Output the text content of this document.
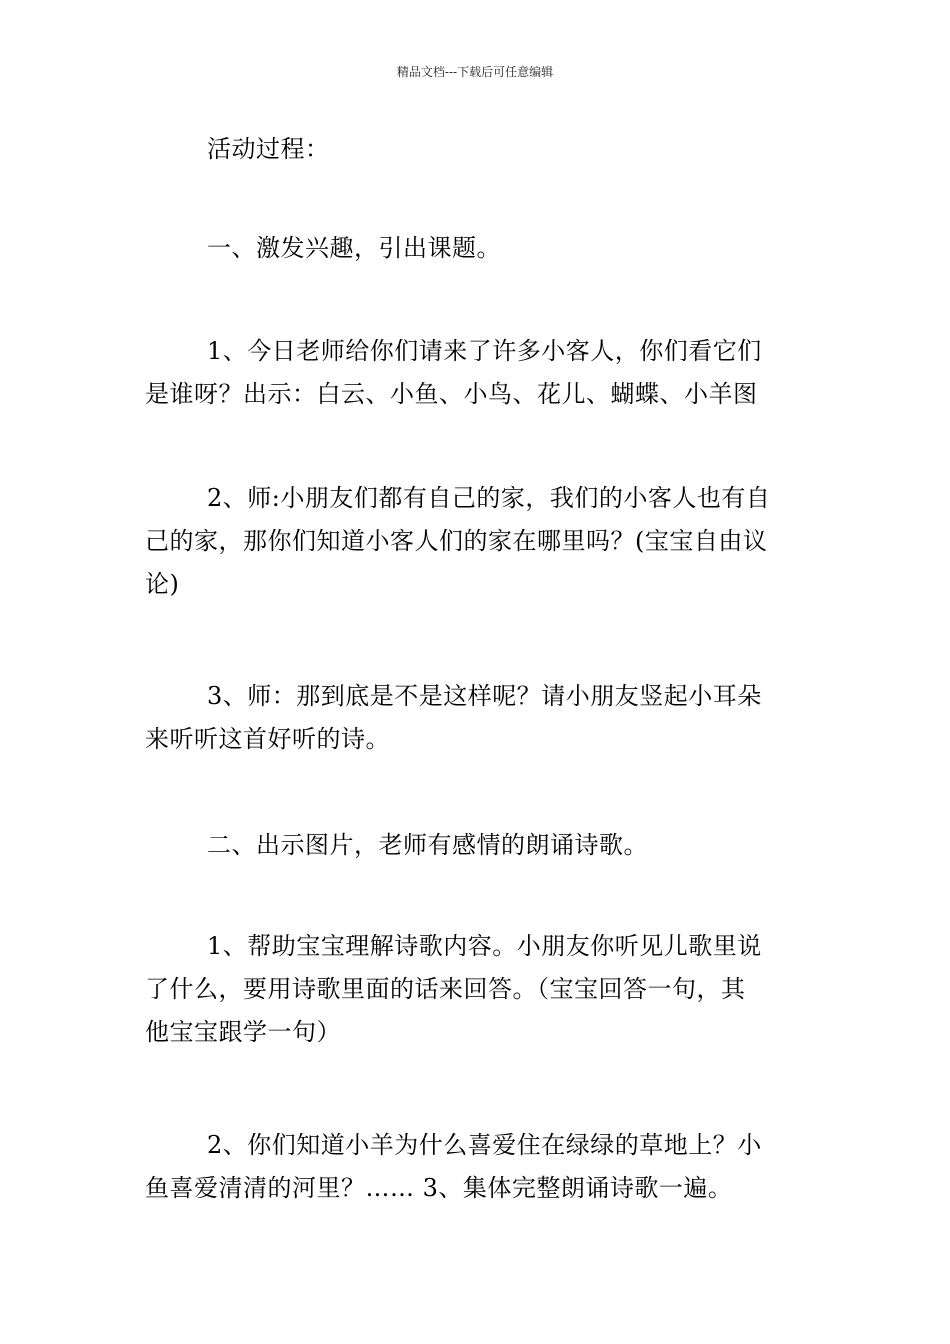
精品文档---下载后可任意编辑

活动过程：

一、激发兴趣，引出课题。

1、今日老师给你们请来了许多小客人，你们看它们
是谁呀？出示：白云、小鱼、小鸟、花儿、蝴蝶、小羊图
2、师:小朋友们都有自己的家，我们的小客人也有自
己的家，那你们知道小客人们的家在哪里吗？(宝宝自由议
论)
3、师：那到底是不是这样呢？请小朋友竖起小耳朵
来听听这首好听的诗。

二、出示图片，老师有感情的朗诵诗歌。

1、帮助宝宝理解诗歌内容。小朋友你听见儿歌里说
了什么，要用诗歌里面的话来回答。（宝宝回答一句，其
他宝宝跟学一句）
2、你们知道小羊为什么喜爱住在绿绿的草地上？小
鱼喜爱清清的河里？…… 3、集体完整朗诵诗歌一遍。
